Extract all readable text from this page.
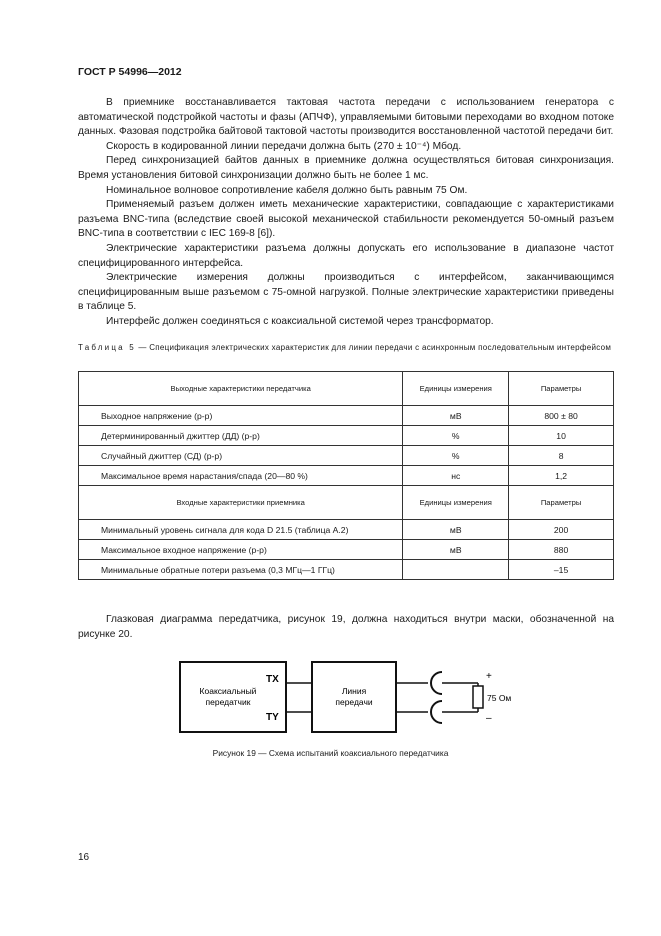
ГОСТ Р 54996—2012

В приемнике восстанавливается тактовая частота передачи с использованием генератора с автоматической подстройкой частоты и фазы (АПЧФ), управляемыми битовыми переходами во входном потоке данных. Фазовая подстройка байтовой тактовой частоты производится восстановленной частотой передачи бит.

Скорость в кодированной линии передачи должна быть (270 ± 10⁻⁴) Мбод.

Перед синхронизацией байтов данных в приемнике должна осуществляться битовая синхронизация. Время установления битовой синхронизации должно быть не более 1 мс.

Номинальное волновое сопротивление кабеля должно быть равным 75 Ом.

Применяемый разъем должен иметь механические характеристики, совпадающие с характеристиками разъема BNC-типа (вследствие своей высокой механической стабильности рекомендуется 50-омный разъем BNC-типа в соответствии с IEC 169-8 [6]).

Электрические характеристики разъема должны допускать его использование в диапазоне частот специфицированного интерфейса.

Электрические измерения должны производиться с интерфейсом, заканчивающимся специфицированным выше разъемом с 75-омной нагрузкой. Полные электрические характеристики приведены в таблице 5.

Интерфейс должен соединяться с коаксиальной системой через трансформатор.

Таблица 5 — Спецификация электрических характеристик для линии передачи с асинхронным последовательным интерфейсом
Выходные характеристики передатчика	Единицы измерения	Параметры
Выходное напряжение (р-р)	мВ	800 ± 80
Детерминированный джиттер (ДД) (р-р)	%	10
Случайный джиттер (СД) (р-р)	%	8
Максимальное время нарастания/спада (20—80 %)	нс	1,2
Входные характеристики приемника	Единицы измерения	Параметры
Минимальный уровень сигнала для кода D 21.5 (таблица А.2)	мВ	200
Максимальное входное напряжение (р-р)	мВ	880
Минимальные обратные потери разъема (0,3 МГц—1 ГГц)		–15

Глазковая диаграмма передатчика, рисунок 19, должна находиться внутри маски, обозначенной на рисунке 20.

Коаксиальный
передатчик
TX
TY
Линия
передачи
+
75 Ом
–
Рисунок 19 — Схема испытаний коаксиального передатчика
16
